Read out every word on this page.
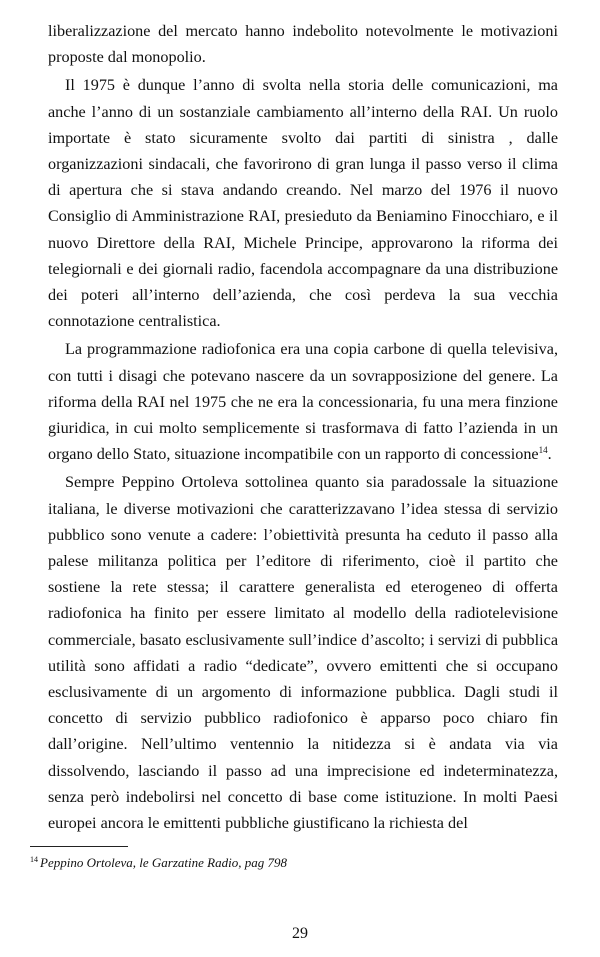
liberalizzazione del mercato hanno indebolito notevolmente le motivazioni proposte dal monopolio.

Il 1975 è dunque l’anno di svolta nella storia delle comunicazioni, ma anche l’anno di un sostanziale cambiamento all’interno della RAI. Un ruolo importate è stato sicuramente svolto dai partiti di sinistra , dalle organizzazioni sindacali, che favorirono di gran lunga il passo verso il clima di apertura che si stava andando creando. Nel marzo del 1976 il nuovo Consiglio di Amministrazione RAI, presieduto da Beniamino Finocchiaro, e il nuovo Direttore della RAI, Michele Principe, approvarono la riforma dei telegiornali e dei giornali radio, facendola accompagnare da una distribuzione dei poteri all’interno dell’azienda, che così perdeva la sua vecchia connotazione centralistica.

La programmazione radiofonica era una copia carbone di quella televisiva, con tutti i disagi che potevano nascere da un sovrapposizione del genere. La riforma della RAI nel 1975 che ne era la concessionaria, fu una mera finzione giuridica, in cui molto semplicemente si trasformava di fatto l’azienda in un organo dello Stato, situazione incompatibile con un rapporto di concessione$^{14}$.

Sempre Peppino Ortoleva sottolinea quanto sia paradossale la situazione italiana, le diverse motivazioni che caratterizzavano l’idea stessa di servizio pubblico sono venute a cadere: l’obiettività presunta ha ceduto il passo alla palese militanza politica per l’editore di riferimento, cioè il partito che sostiene la rete stessa; il carattere generalista ed eterogeneo di offerta radiofonica ha finito per essere limitato al modello della radiotelevisione commerciale, basato esclusivamente sull’indice d’ascolto; i servizi di pubblica utilità sono affidati a radio “dedicate”, ovvero emittenti che si occupano esclusivamente di un argomento di informazione pubblica. Dagli studi il concetto di servizio pubblico radiofonico è apparso poco chiaro fin dall’origine. Nell’ultimo ventennio la nitidezza si è andata via via dissolvendo, lasciando il passo ad una imprecisione ed indeterminatezza, senza però indebolirsi nel concetto di base come istituzione. In molti Paesi europei ancora le emittenti pubbliche giustificano la richiesta del

$^{14}$ Peppino Ortoleva, le Garzatine Radio, pag 798
29
